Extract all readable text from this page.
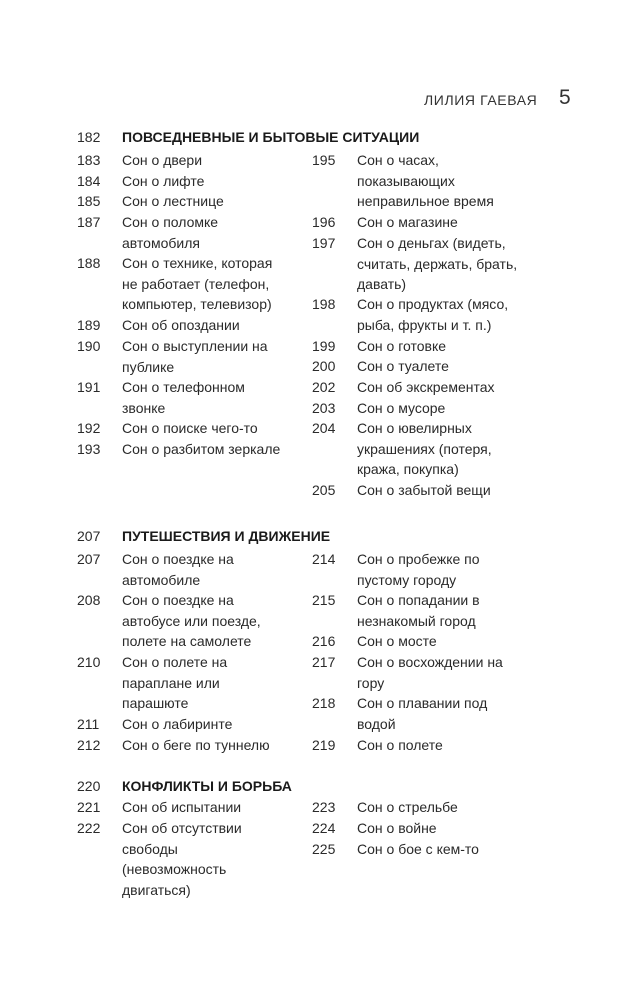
ЛИЛИЯ ГАЕВАЯ 5
182 ПОВСЕДНЕВНЫЕ И БЫТОВЫЕ СИТУАЦИИ
183 Сон о двери
184 Сон о лифте
185 Сон о лестнице
187 Сон о поломке автомобиля
188 Сон о технике, которая не работает (телефон, компьютер, телевизор)
189 Сон об опоздании
190 Сон о выступлении на публике
191 Сон о телефонном звонке
192 Сон о поиске чего-то
193 Сон о разбитом зеркале
195 Сон о часах, показывающих неправильное время
196 Сон о магазине
197 Сон о деньгах (видеть, считать, держать, брать, давать)
198 Сон о продуктах (мясо, рыба, фрукты и т. п.)
199 Сон о готовке
200 Сон о туалете
202 Сон об экскрементах
203 Сон о мусоре
204 Сон о ювелирных украшениях (потеря, кража, покупка)
205 Сон о забытой вещи
207 ПУТЕШЕСТВИЯ И ДВИЖЕНИЕ
207 Сон о поездке на автомобиле
208 Сон о поездке на автобусе или поезде, полете на самолете
210 Сон о полете на параплане или парашюте
211 Сон о лабиринте
212 Сон о беге по туннелю
214 Сон о пробежке по пустому городу
215 Сон о попадании в незнакомый город
216 Сон о мосте
217 Сон о восхождении на гору
218 Сон о плавании под водой
219 Сон о полете
220 КОНФЛИКТЫ И БОРЬБА
221 Сон об испытании
222 Сон об отсутствии свободы (невозможность двигаться)
223 Сон о стрельбе
224 Сон о войне
225 Сон о бое с кем-то
